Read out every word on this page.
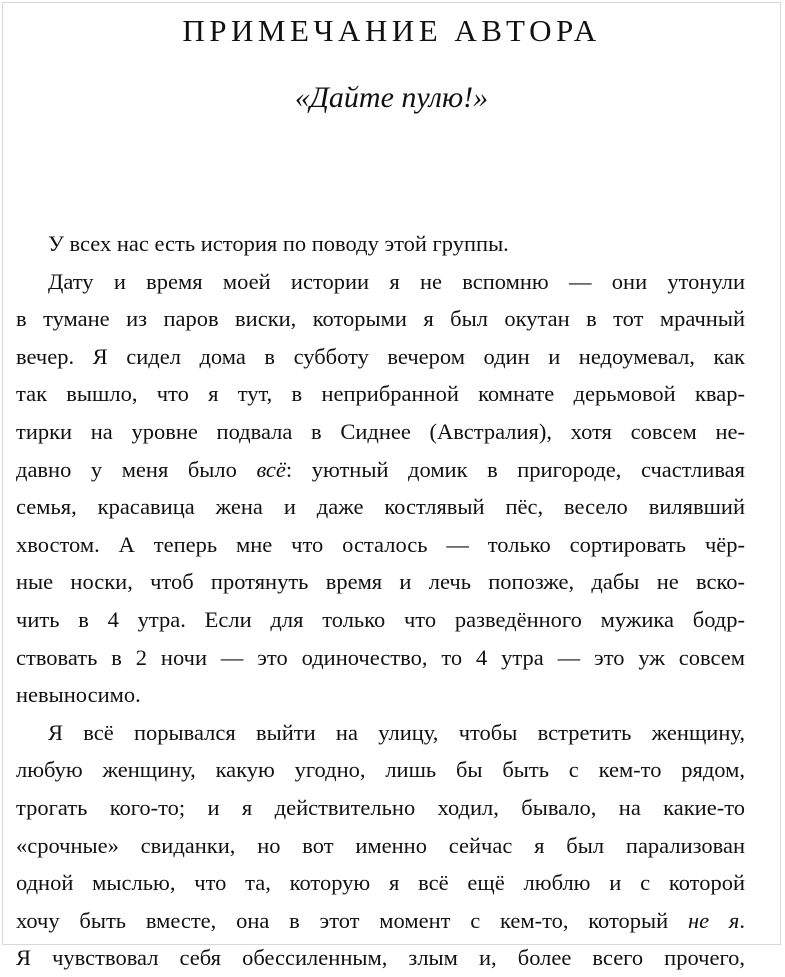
ПРИМЕЧАНИЕ АВТОРА
«Дайте пулю!»
У всех нас есть история по поводу этой группы.
Дату и время моей истории я не вспомню — они утонули
в тумане из паров виски, которыми я был окутан в тот мрачный
вечер. Я сидел дома в субботу вечером один и недоумевал, как
так вышло, что я тут, в неприбранной комнате дерьмовой квар-
тирки на уровне подвала в Сиднее (Австралия), хотя совсем не-
давно у меня было всё: уютный домик в пригороде, счастливая
семья, красавица жена и даже костлявый пёс, весело вилявший
хвостом. А теперь мне что осталось — только сортировать чёр-
ные носки, чтоб протянуть время и лечь попозже, дабы не вско-
чить в 4 утра. Если для только что разведённого мужика бодр-
ствовать в 2 ночи — это одиночество, то 4 утра — это уж совсем
невыносимо.
Я всё порывался выйти на улицу, чтобы встретить женщину,
любую женщину, какую угодно, лишь бы быть с кем-то рядом,
трогать кого-то; и я действительно ходил, бывало, на какие-то
«срочные» свиданки, но вот именно сейчас я был парализован
одной мыслью, что та, которую я всё ещё люблю и с которой
хочу быть вместе, она в этот момент с кем-то, который не я.
Я чувствовал себя обессиленным, злым и, более всего прочего,
